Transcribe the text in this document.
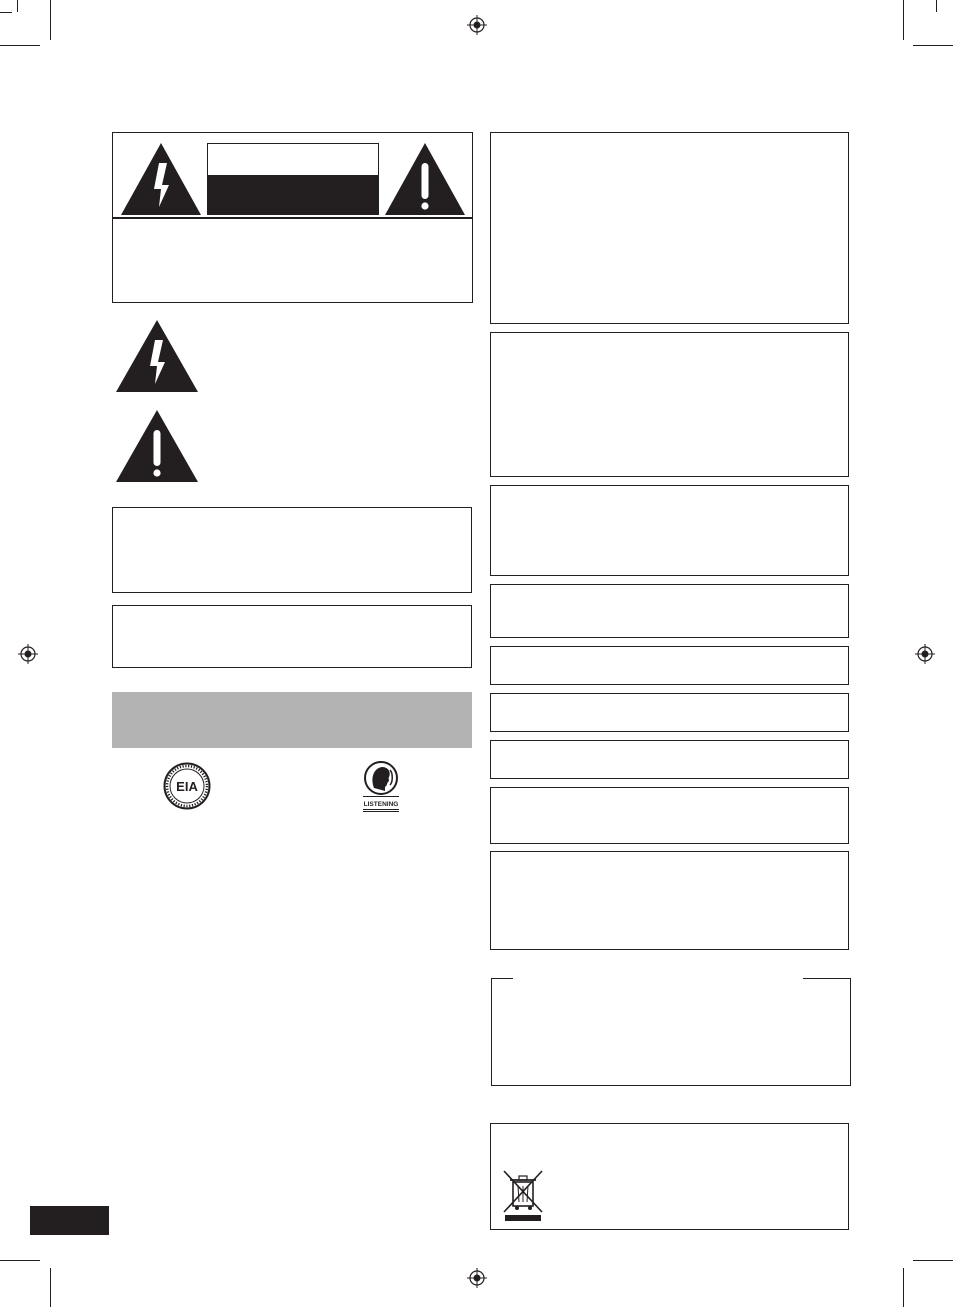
EIA
LISTENING
